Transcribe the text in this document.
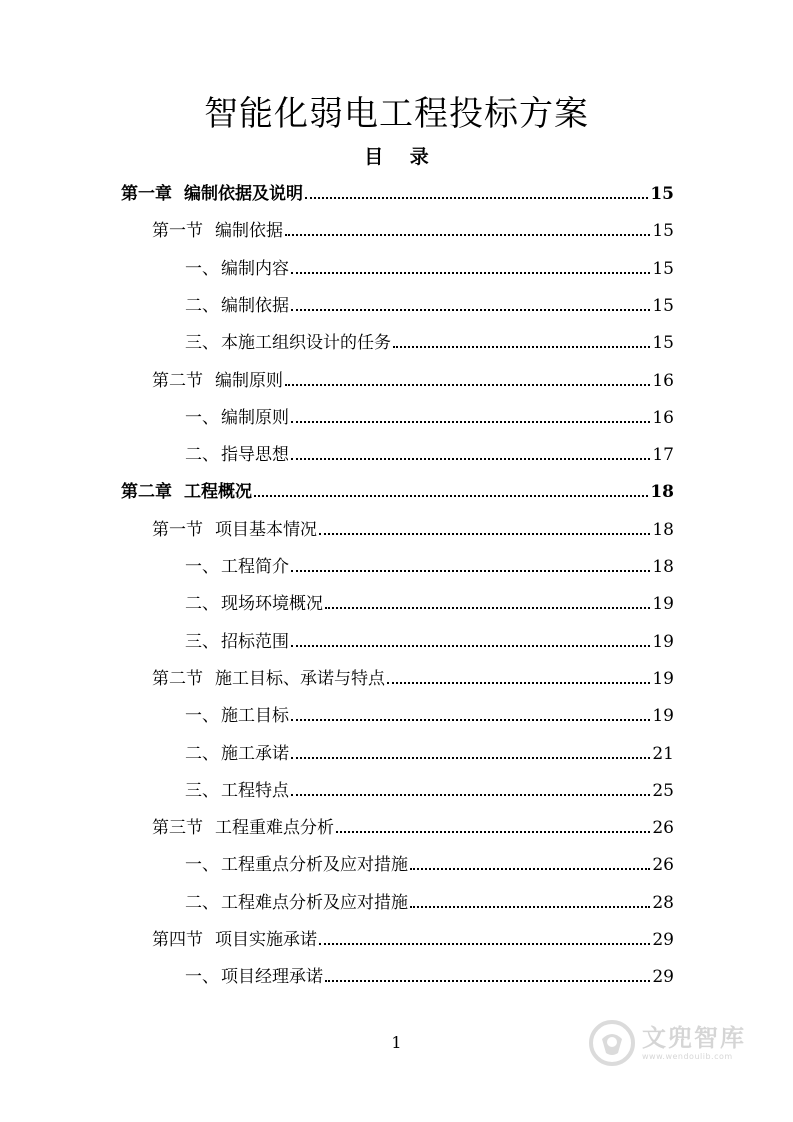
智能化弱电工程投标方案
目 录
第一章 编制依据及说明	15
第一节 编制依据	15
一、 编制内容	15
二、 编制依据	15
三、 本施工组织设计的任务	15
第二节 编制原则	16
一、 编制原则	16
二、 指导思想	17
第二章 工程概况	18
第一节 项目基本情况	18
一、 工程简介	18
二、 现场环境概况	19
三、 招标范围	19
第二节 施工目标、承诺与特点	19
一、 施工目标	19
二、 施工承诺	21
三、 工程特点	25
第三节 工程重难点分析	26
一、 工程重点分析及应对措施	26
二、 工程难点分析及应对措施	28
第四节 项目实施承诺	29
一、 项目经理承诺	29
1	文兜智库
www.wendoulib.com
